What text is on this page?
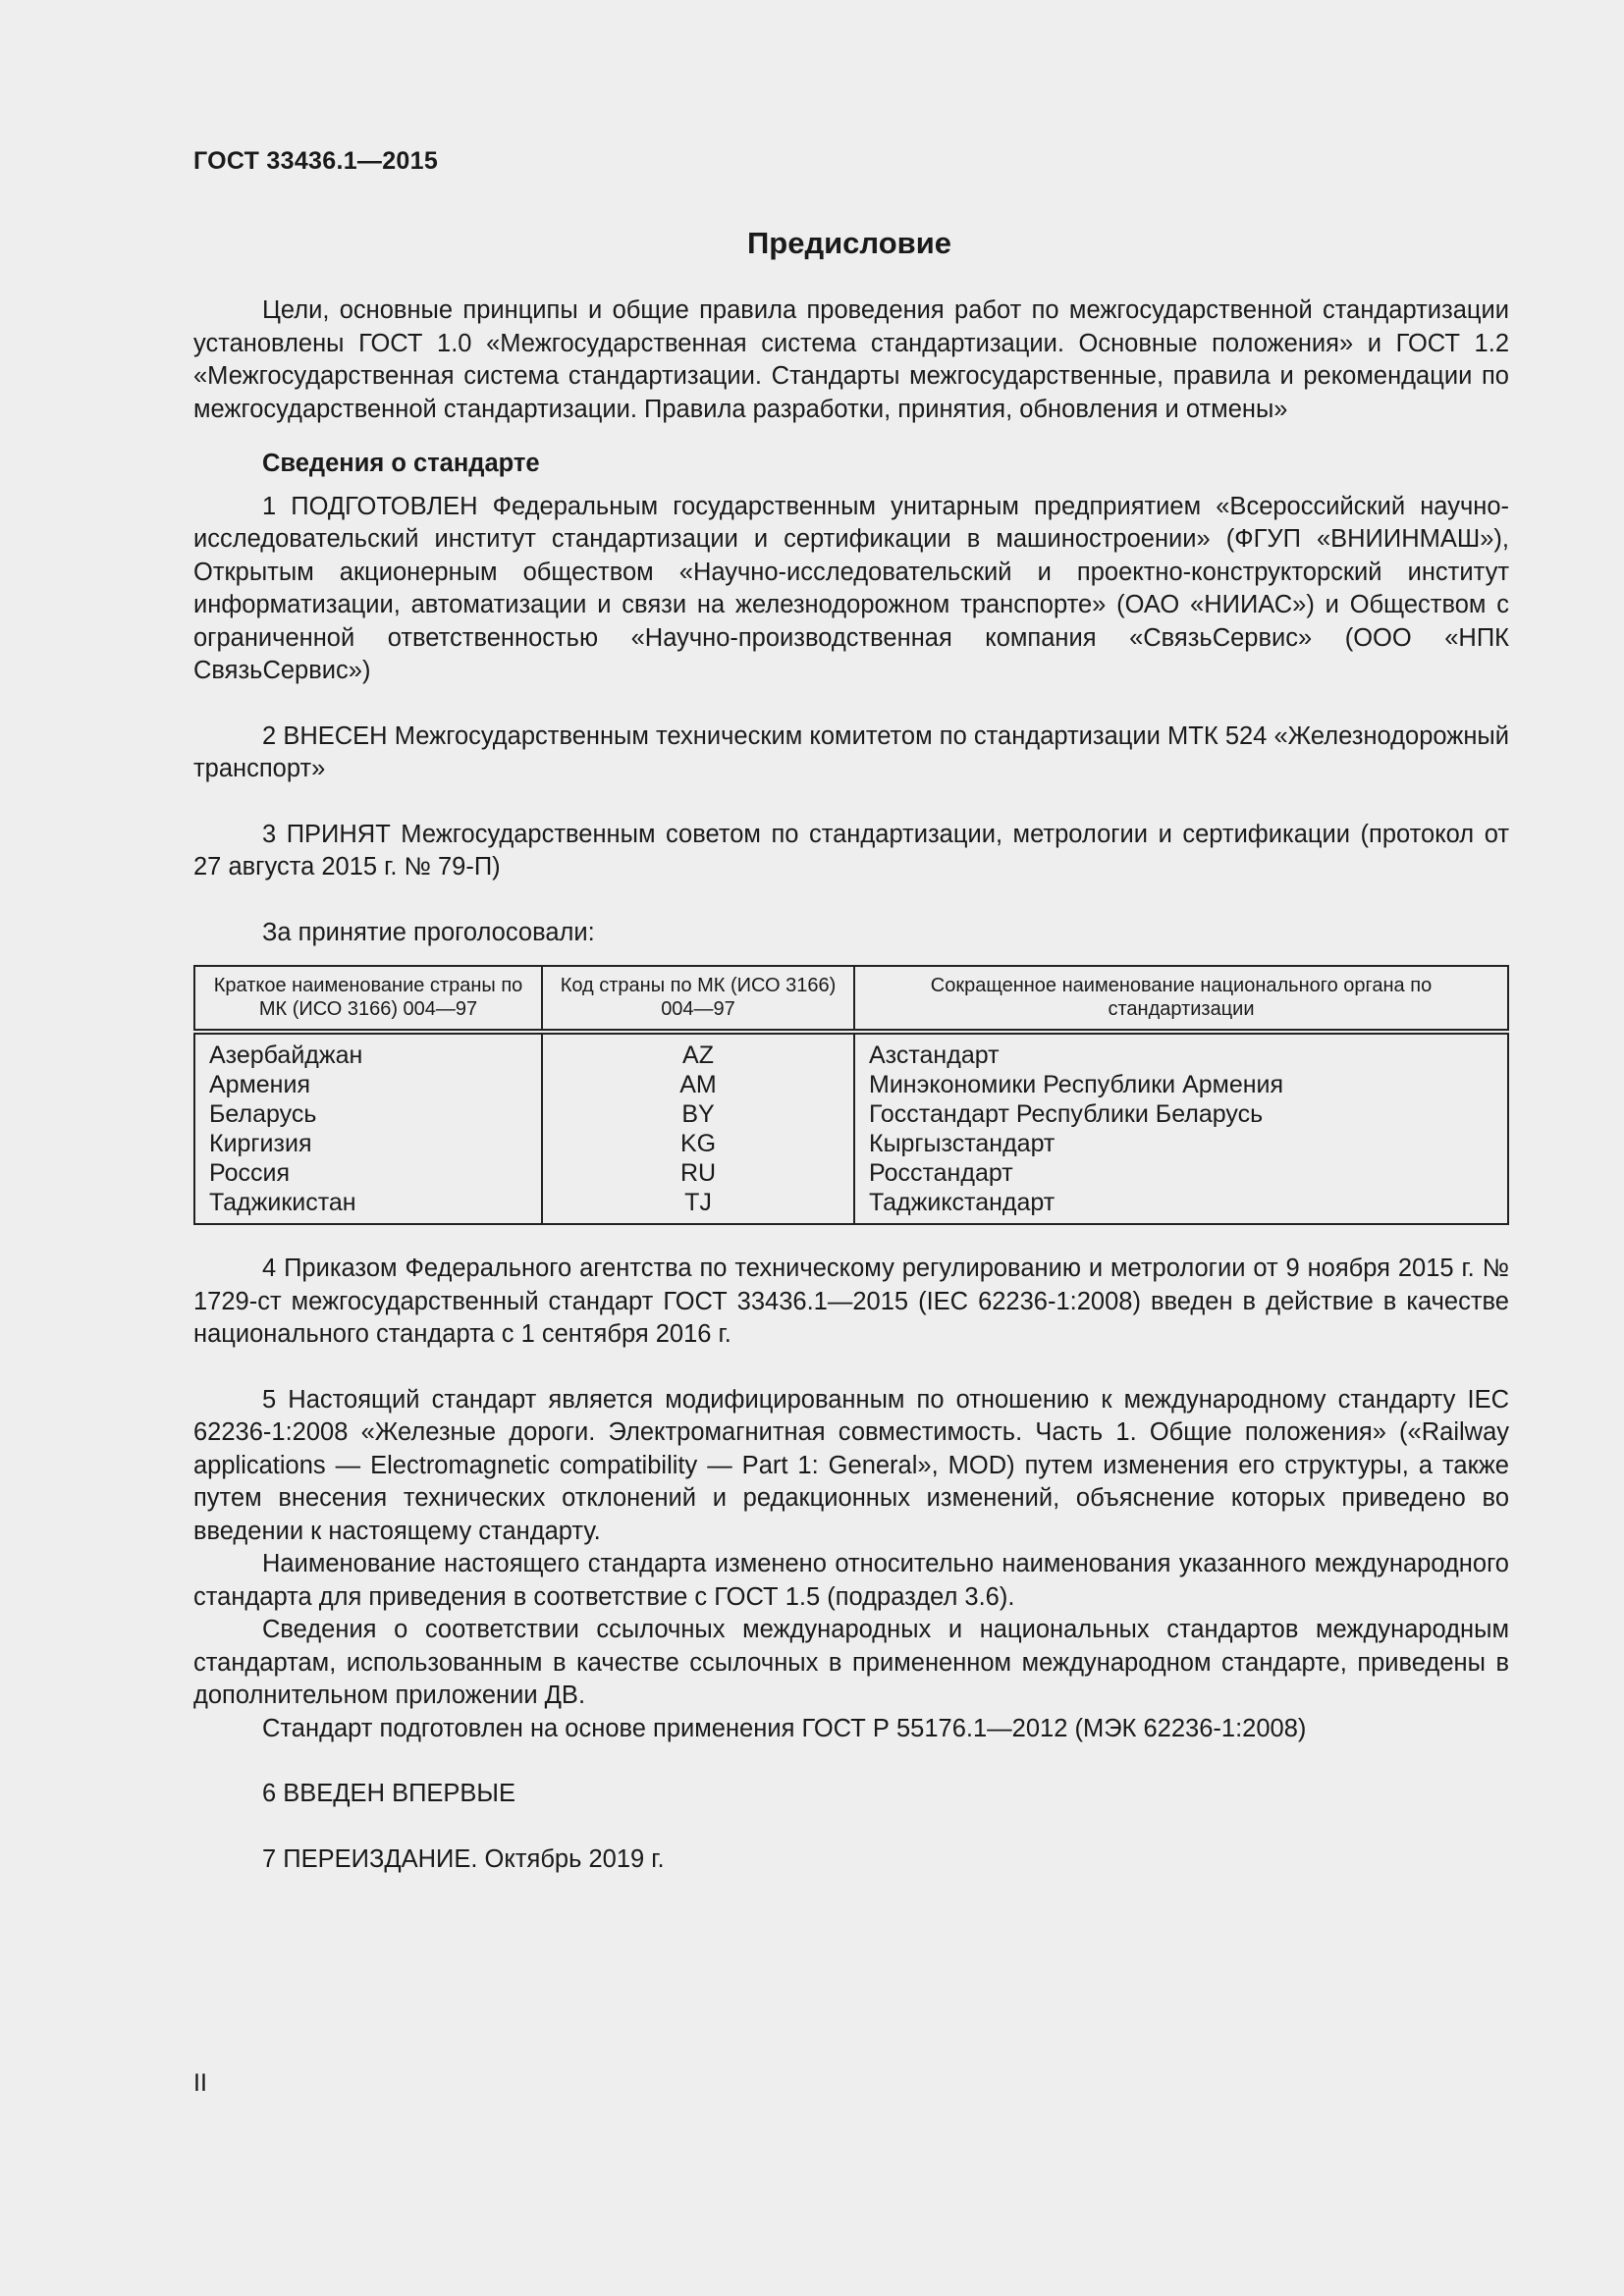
ГОСТ 33436.1—2015
Предисловие

Цели, основные принципы и общие правила проведения работ по межгосударственной стандартизации установлены ГОСТ 1.0 «Межгосударственная система стандартизации. Основные положения» и ГОСТ 1.2 «Межгосударственная система стандартизации. Стандарты межгосударственные, правила и рекомендации по межгосударственной стандартизации. Правила разработки, принятия, обновления и отмены»

Сведения о стандарте

1 ПОДГОТОВЛЕН Федеральным государственным унитарным предприятием «Всероссийский научно-исследовательский институт стандартизации и сертификации в машиностроении» (ФГУП «ВНИИНМАШ»), Открытым акционерным обществом «Научно-исследовательский и проектно-конструкторский институт информатизации, автоматизации и связи на железнодорожном транспорте» (ОАО «НИИАС») и Обществом с ограниченной ответственностью «Научно-производственная компания «СвязьСервис» (ООО «НПК СвязьСервис»)

2 ВНЕСЕН Межгосударственным техническим комитетом по стандартизации МТК 524 «Железнодорожный транспорт»

3 ПРИНЯТ Межгосударственным советом по стандартизации, метрологии и сертификации (протокол от 27 августа 2015 г. № 79-П)

За принятие проголосовали:

Краткое наименование страны по МК (ИСО 3166) 004—97	Код страны по МК (ИСО 3166) 004—97	Сокращенное наименование национального органа по стандартизации
Азербайджан	AZ	Азстандарт
Армения	AM	Минэкономики Республики Армения
Беларусь	BY	Госстандарт Республики Беларусь
Киргизия	KG	Кыргызстандарт
Россия	RU	Росстандарт
Таджикистан	TJ	Таджикстандарт

4 Приказом Федерального агентства по техническому регулированию и метрологии от 9 ноября 2015 г. № 1729-ст межгосударственный стандарт ГОСТ 33436.1—2015 (IEC 62236-1:2008) введен в действие в качестве национального стандарта с 1 сентября 2016 г.

5 Настоящий стандарт является модифицированным по отношению к международному стандарту IEC 62236-1:2008 «Железные дороги. Электромагнитная совместимость. Часть 1. Общие положения» («Railway applications — Electromagnetic compatibility — Part 1: General», MOD) путем изменения его структуры, а также путем внесения технических отклонений и редакционных изменений, объяснение которых приведено во введении к настоящему стандарту.

Наименование настоящего стандарта изменено относительно наименования указанного международного стандарта для приведения в соответствие с ГОСТ 1.5 (подраздел 3.6).

Сведения о соответствии ссылочных международных и национальных стандартов международным стандартам, использованным в качестве ссылочных в примененном международном стандарте, приведены в дополнительном приложении ДВ.

Стандарт подготовлен на основе применения ГОСТ Р 55176.1—2012 (МЭК 62236-1:2008)

6 ВВЕДЕН ВПЕРВЫЕ

7 ПЕРЕИЗДАНИЕ. Октябрь 2019 г.

II
